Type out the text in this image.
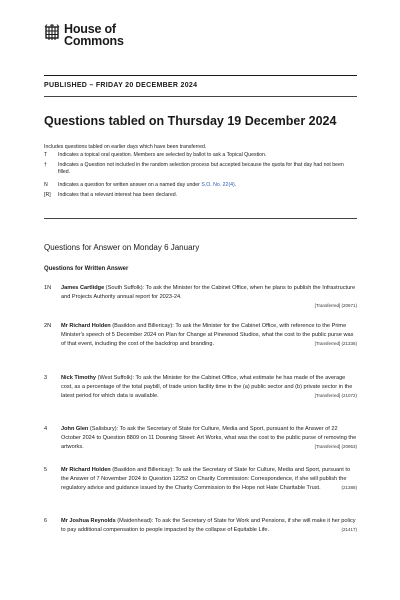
House of
Commons
PUBLISHED – FRIDAY 20 DECEMBER 2024
Questions tabled on Thursday 19 December 2024
Includes questions tabled on earlier days which have been transferred.
T	Indicates a topical oral question. Members are selected by ballot to ask a Topical Question.
†	Indicates a Question not included in the random selection process but accepted because the quota for that day had not been filled.
N	Indicates a question for written answer on a named day under S.O. No. 22(4).
[R]	Indicates that a relevant interest has been declared.
Questions for Answer on Monday 6 January
Questions for Written Answer
1N	James Cartlidge (South Suffolk): To ask the Minister for the Cabinet Office, when he plans to publish the Infrastructure and Projects Authority annual report for 2023-24.
[Transferred] (20671)
2N	Mr Richard Holden (Basildon and Billericay): To ask the Minister for the Cabinet Office, with reference to the Prime Minister's speech of 5 December 2024 on Plan for Change at Pinewood Studios, what the cost to the public purse was of that event, including the cost of the backdrop and branding.	[Transferred] (21336)
3	Nick Timothy (West Suffolk): To ask the Minister for the Cabinet Office, what estimate he has made of the average cost, as a percentage of the total paybill, of trade union facility time in the (a) public sector and (b) private sector in the latest period for which data is available.	[Transferred] (21072)
4	John Glen (Salisbury): To ask the Secretary of State for Culture, Media and Sport, pursuant to the Answer of 22 October 2024 to Question 8809 on 11 Downing Street: Art Works, what was the cost to the public purse of removing the artworks.	[Transferred] (20953)
5	Mr Richard Holden (Basildon and Billericay): To ask the Secretary of State for Culture, Media and Sport, pursuant to the Answer of 7 November 2024 to Question 12252 on Charity Commission: Correspondence, if she will publish the regulatory advice and guidance issued by the Charity Commission to the Hope not Hate Charitable Trust.	(21388)
6	Mr Joshua Reynolds (Maidenhead): To ask the Secretary of State for Work and Pensions, if she will make it her policy to pay additional compensation to people impacted by the collapse of Equitable Life.	(21417)
